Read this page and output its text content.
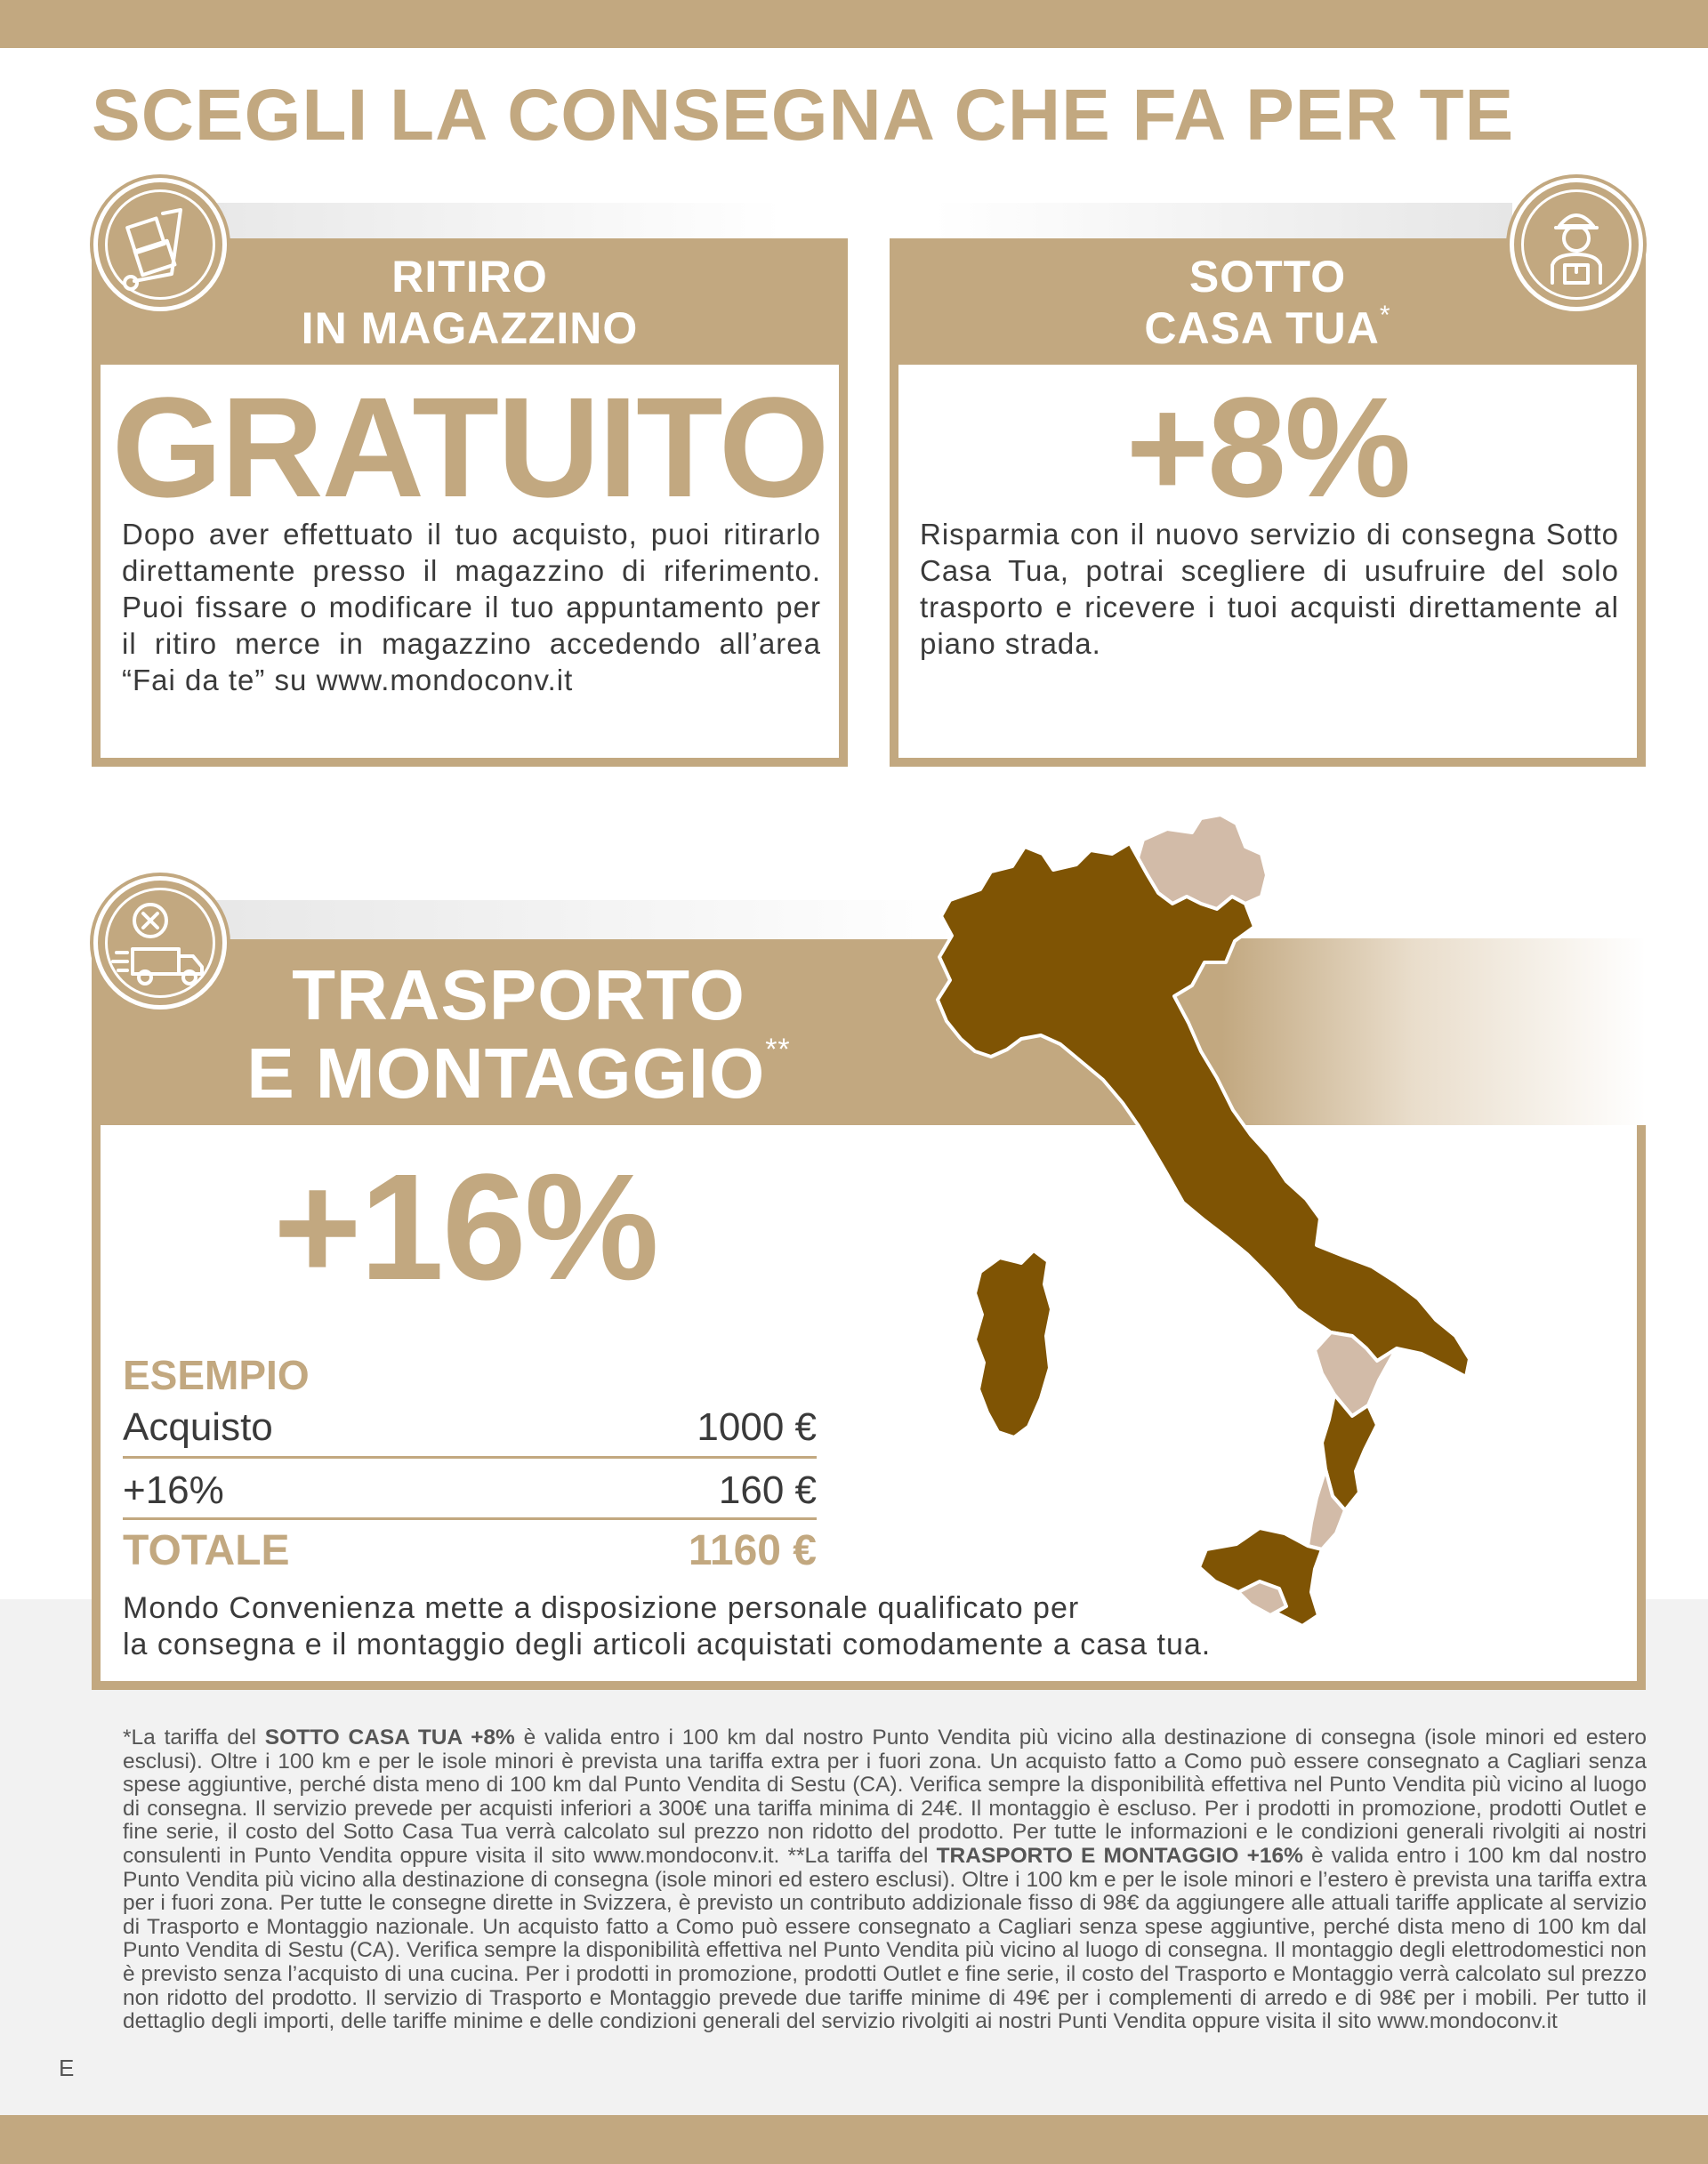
SCEGLI LA CONSEGNA CHE FA PER TE
RITIRO
IN MAGAZZINO
GRATUITO
Dopo aver effettuato il tuo acquisto, puoi ritirarlo direttamente presso il magazzino di riferimento. Puoi fissare o modificare il tuo appuntamento per il ritiro merce in magazzino accedendo all’area “Fai da te” su www.mondoconv.it
SOTTO
CASA TUA*
+8%
Risparmia con il nuovo servizio di consegna Sotto Casa Tua, potrai scegliere di usufruire del solo trasporto e ricevere i tuoi acquisti direttamente al piano strada.
TRASPORTO
E MONTAGGIO**
+16%
ESEMPIO
Acquisto	1000 €
+16%	160 €
TOTALE	1160 €
Mondo Convenienza mette a disposizione personale qualificato per
la consegna e il montaggio degli articoli acquistati comodamente a casa tua.
*La tariffa del SOTTO CASA TUA +8% è valida entro i 100 km dal nostro Punto Vendita più vicino alla destinazione di consegna (isole minori ed estero esclusi). Oltre i 100 km e per le isole minori è prevista una tariffa extra per i fuori zona. Un acquisto fatto a Como può essere consegnato a Cagliari senza spese aggiuntive, perché dista meno di 100 km dal Punto Vendita di Sestu (CA). Verifica sempre la disponibilità effettiva nel Punto Vendita più vicino al luogo di consegna. Il servizio prevede per acquisti inferiori a 300€ una tariffa minima di 24€. Il montaggio è escluso. Per i prodotti in promozione, prodotti Outlet e fine serie, il costo del Sotto Casa Tua verrà calcolato sul prezzo non ridotto del prodotto. Per tutte le informazioni e le condizioni generali rivolgiti ai nostri consulenti in Punto Vendita oppure visita il sito www.mondoconv.it. **La tariffa del TRASPORTO E MONTAGGIO +16% è valida entro i 100 km dal nostro Punto Vendita più vicino alla destinazione di consegna (isole minori ed estero esclusi). Oltre i 100 km e per le isole minori e l’estero è prevista una tariffa extra per i fuori zona. Per tutte le consegne dirette in Svizzera, è previsto un contributo addizionale fisso di 98€ da aggiungere alle attuali tariffe applicate al servizio di Trasporto e Montaggio nazionale. Un acquisto fatto a Como può essere consegnato a Cagliari senza spese aggiuntive, perché dista meno di 100 km dal Punto Vendita di Sestu (CA). Verifica sempre la disponibilità effettiva nel Punto Vendita più vicino al luogo di consegna. Il montaggio degli elettrodomestici non è previsto senza l’acquisto di una cucina. Per i prodotti in promozione, prodotti Outlet e fine serie, il costo del Trasporto e Montaggio verrà calcolato sul prezzo non ridotto del prodotto. Il servizio di Trasporto e Montaggio prevede due tariffe minime di 49€ per i complementi di arredo e di 98€ per i mobili. Per tutto il dettaglio degli importi, delle tariffe minime e delle condizioni generali del servizio rivolgiti ai nostri Punti Vendita oppure visita il sito www.mondoconv.it
E
